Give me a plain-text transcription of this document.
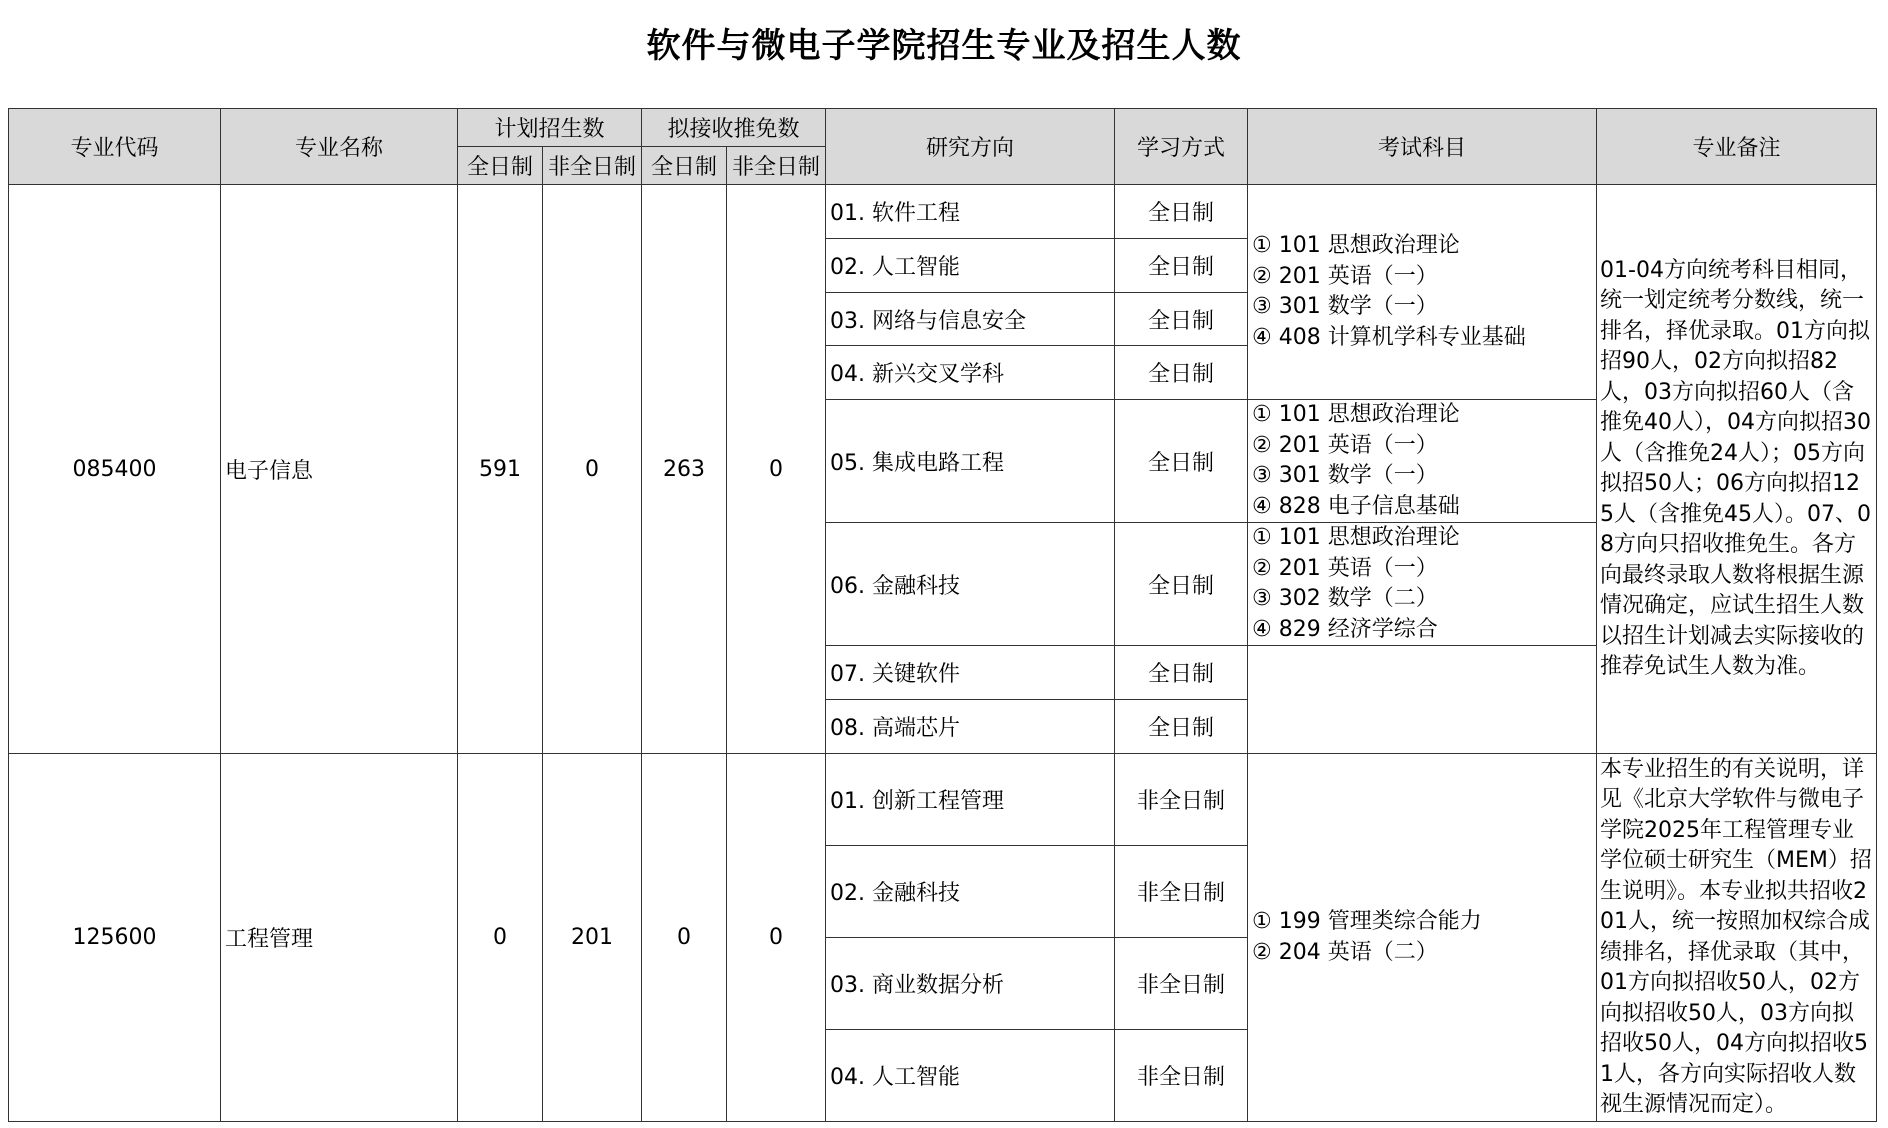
软件与微电子学院招生专业及招生人数
专业代码	专业名称	计划招生数		拟接收推免数		研究方向	学习方式	考试科目	专业备注
		全日制	非全日制	全日制	非全日制				
085400	电子信息	591	0	263	0	01. 软件工程	全日制	① 101 思想政治理论
② 201 英语（一）
③ 301 数学（一）
④ 408 计算机学科专业基础	01-04方向统考科目相同，统一划定统考分数线，统一排名，择优录取。01方向拟招90人，02方向拟招82人，03方向拟招60人（含推免40人），04方向拟招30人（含推免24人）；05方向拟招50人；06方向拟招125人（含推免45人）。07、08方向只招收推免生。各方向最终录取人数将根据生源情况确定，应试生招生人数以招生计划减去实际接收的推荐免试生人数为准。
						02. 人工智能	全日制		
						03. 网络与信息安全	全日制		
						04. 新兴交叉学科	全日制		
						05. 集成电路工程	全日制	① 101 思想政治理论
② 201 英语（一）
③ 301 数学（一）
④ 828 电子信息基础	

						06. 金融科技	全日制	① 101 思想政治理论
② 201 英语（一）
③ 302 数学（二）
④ 829 经济学综合	

						07. 关键软件	全日制		
						08. 高端芯片	全日制		

125600	工程管理	0	201	0	0	01. 创新工程管理	非全日制	① 199 管理类综合能力
② 204 英语（二）	本专业招生的有关说明，详见《北京大学软件与微电子学院2025年工程管理专业学位硕士研究生（MEM）招生说明》。本专业拟共招收201人，统一按照加权综合成绩排名，择优录取（其中，01方向拟招收50人，02方向拟招收50人，03方向拟招收50人，04方向拟招收51人，各方向实际招收人数视生源情况而定）。
						02. 金融科技	非全日制		
						03. 商业数据分析	非全日制		
						04. 人工智能	非全日制		
